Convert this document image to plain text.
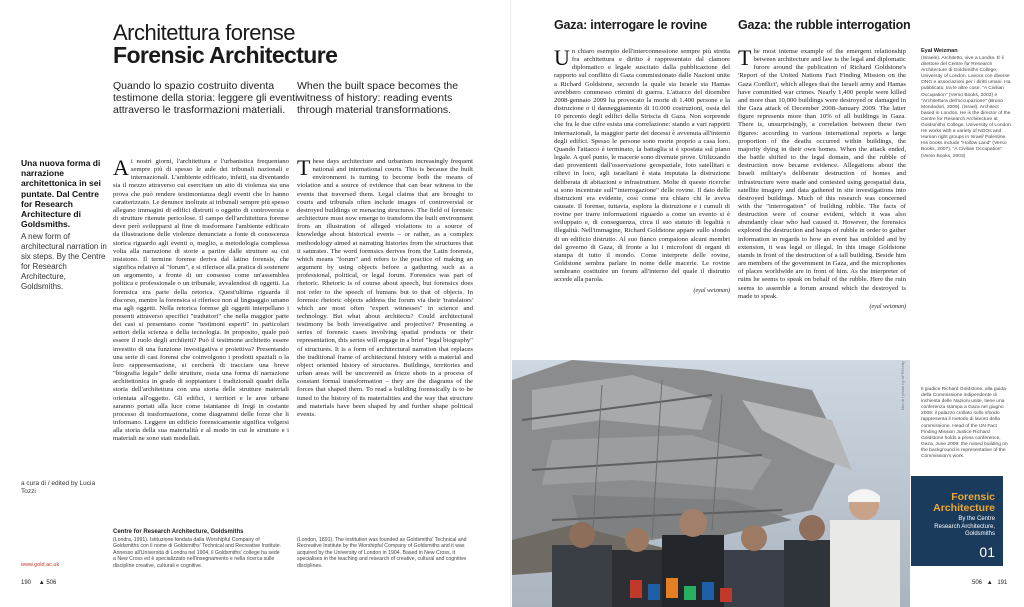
Architettura forense
Forensic Architecture
Quando lo spazio costruito diventa testimone della storia: leggere gli eventi attraverso le trasformazioni materiali.
When the built space becomes the witness of history: reading events through material transformations.
Una nuova forma di narrazione architettonica in sei puntate. Dal Centre for Research Architecture di Goldsmiths.
A new form of architectural narration in six steps. By the Centre for Research Architecture, Goldsmiths.
Ai nostri giorni, l'architettura e l'urbanistica frequentano sempre più di spesso le aule dei tribunali nazionali e internazionali. L'ambiente edificato, infatti, sta diventando sia il mezzo attraverso cui esercitare un atto di violenza sia una prova che può rendere testimonianza degli eventi che lo hanno caratterizzato. Le denunce inoltrate ai tribunali sempre più spesso allegano immagini di edifici distrutti o oggetto di controversia e di strutture ritenute pericolose. Il campo dell'architettura forense deve però svilupparsi al fine di trasformare l'ambiente edificato da illustrazione delle violenze denunciate a fonte di conoscenza storica riguardo agli eventi o, meglio, a metodologia complessa volta alla narrazione di storie a partire dalle strutture su cui insistono. Il termine forense deriva dal latino forensis, che significa relativo al "forum", e si riferisce alla pratica di sostenere un argomento, a fronte di un consesso come un'assemblea politica e professionale o un tribunale, avvalendosi di oggetti. La forensica era parte della retorica. Quest'ultima riguarda il discorso, mentre la forensica si riferisce non al linguaggio umano ma agli oggetti. Nella retorica forense gli oggetti interpellano i presenti attraverso specifici "traduttori" che nella maggior parte dei casi si presentano come "testimoni esperti" in particolari settori della scienza e della tecnologia. In proposito, quale può essere il ruolo degli architetti? Può il testimone architetto essere investito di una funzione investigativa e proiettiva? Presentando una serie di casi forensi che coinvolgono i prodotti spaziali o la loro rappresentazione, si cercherà di tracciare una breve "biografia legale" delle strutture, ossia una forma di narrazione architettonica in grado di soppiantare i tradizionali quadri della storia dell'architettura con una storia delle strutture materiali orientata all'oggetto. Gli edifici, i territori e le aree urbane saranno portati alla luce come istantanee di fregi in costante processo di trasformazione, come diagrammi delle forze che li informano. Leggere un edificio forensicamente significa volgersi alla storia della sua materialità e al modo in cui le strutture e i materiali ne sono stati modellati.
These days architecture and urbanism increasingly frequent national and international courts. This is because the built environment is turning to become both the means of violation and a source of evidence that can bear witness to the events that traversed them. Legal claims that are brought to courts and tribunals often include images of controversial or destroyed buildings or menacing structures. The field of forensic architecture must now emerge to transform the built environment from an illustration of alleged violations to a source of knowledge about historical events – or rather, as a complex methodology aimed at narrating histories from the structures that it saturates. The word forensics derives from the Latin forensis, which means "forum" and refers to the practice of making an argument by using objects before a gathering such as a professional, political, or legal forum. Forensics was part of rhetoric. Rhetoric is of course about speech, but forensics does not refer to the speech of humans but to that of objects. In forensic rhetoric objects address the forum via their 'translators' which are most often "expert witnesses" in science and technology. But what about architects? Could architectural testimony be both investigative and projective? Presenting a series of forensic cases involving spatial products or their representation, this series will engage in a brief "legal biography" of structures. It is a form of architectural narration that replaces the traditional frame of architectural history with a material and object oriented history of structures. Buildings, territories and urban areas will be uncovered as frieze shots in a process of constant formal transformation – they are the diagrams of the forces that shaped them. To read a building forensically is to be tuned to the history of its materialities and the way that structure and materials have been shaped by and further shape political events.
a cura di / edited by Lucia Tozzi
Centre for Research Architecture, Goldsmiths
(Londra, 1991). Istituzione fondata dalla Worshipful Company of Goldsmiths con il nome di Goldsmiths' Technical and Recreative Institute. Annesso all'Università di Londra nel 1904, il Goldsmiths' college ha sede a New Cross ed è specializzato nell'insegnamento e nella ricerca sulle discipline creative, culturali e cognitive.
(London, 1891). The institution was founded as Goldsmiths' Technical and Recreative Institute by the Worshipful Company of Goldsmiths and it was acquired by the University of London in 1904. Based in New Cross, it specialises in the teaching and research of creative, cultural and cognitive disciplines.
www.gold.ac.uk
190 ▲ 506
Gaza: interrogare le rovine Gaza: the rubble interrogation
Un chiaro esempio dell'interconnessione sempre più stretta fra architettura e diritto è rappresentato dal clamore diplomatico e legale suscitato dalla pubblicazione del rapporto sul conflitto di Gaza commissionato dalle Nazioni unite a Richard Goldstone, secondo la quale sia Israele sia Hamas avrebbero commesso crimini di guerra. L'attacco del dicembre 2008-gennaio 2009 ha provocato la morte di 1.400 persone e la distruzione o il danneggiamento di 10.000 costruzioni, ossia del 10 percento degli edifici della Striscia di Gaza. Non sorprende che fra le due cifre esista una correlazione: stando a vari rapporti internazionali, la maggior parte dei decessi è avvenuta all'interno degli edifici. Spesso le persone sono morte proprio a casa loro. Quando l'attacco è terminato, la battaglia si è spostata sul piano legale. A quel punto, le macerie sono divenute prove. Utilizzando dati provenienti dall'osservazione geospaziale, foto satellitari e rilievi in loco, agli israeliani è stata imputata la distruzione deliberata di abitazioni e infrastrutture. Molte di queste ricerche si sono incentrate sull'"interrogazione" delle rovine. Il dato delle distruzioni era evidente, così come era chiaro chi le aveva causate. Il forense, tuttavia, esplora la distruzione e i cumuli di rovine per trarre informazioni riguardo a come un evento si è sviluppato e, di conseguenza, circa il suo statuto di legalità o illegalità. Nell'immagine, Richard Goldstone appare sullo sfondo di un edificio distrutto. Al suo fianco compaiono alcuni membri del governo di Gaza, di fronte a lui i microfoni di organi di stampa di tutto il mondo. Come interprete delle rovine, Goldstone sembra parlare in nome delle macerie. Le rovine sembrano costituire un forum all'interno del quale il distrutto accede alla parola.
(eyal weizman)
The most intense example of the emergent relationship between architecture and law is the legal and diplomatic furore around the publication of Richard Goldstone's 'Report of the United Nations Fact Finding Mission on the Gaza Conflict', which alleges that the Israeli army and Hamas have committed war crimes. Nearly 1,400 people were killed and more than 10,000 buildings were destroyed or damaged in the Gaza attack of December 2008–January 2009. The latter figure represents more than 10% of all buildings in Gaza. There is, unsurprisingly, a correlation between these two figures: according to various international reports a large proportion of the deaths occurred within buildings, the majority dying in their own homes. When the attack ended, the battle shifted to the legal domain, and the rubble of destruction now became evidence. Allegations about the Israeli military's deliberate destruction of homes and infrastructure were made and contested using geospatial data, satellite imagery and data gathered in site investigations into destroyed buildings. Much of this research was concerned with the "interrogation" of building rubble. The facts of destruction were of course evident, which it was also abundantly clear who had caused it. However, the forensics explored the destruction and heaps of rubble in order to gather information in regards to how an event has unfolded and by extension, it was legal or illegal. In this image Goldstone stands in front of the destruction of a tall building. Beside him are members of the government in Gaza, and the microphones of places worldwide are in front of him. As the interpreter of ruins he seems to speak on behalf of the rubble. Here the ruin seems to assemble a forum around which the destroyed is made to speak.
(eyal weizman)
Eyal Weizman
(Israele). Architetto, vive a Londra. È il direttore del Centre for Research Architecture di Goldsmiths College, University of London. Lavora con diverse ONG e associazioni per i diritti umani. Ha pubblicato, tra le altre cose, "A Civilian Occupation" (Verso Books, 2003) e "Architettura dell'occupazione" (Bruno Mondadori, 2009). (Israel). Architect based in London. He is the director of the Centre for Research Architecture at Goldsmiths College, University of London. He works with a variety of NGOs and Human right groups in Israel/ Palestine. His books include "Hollow Land" (Verso Books, 2007), "A Civilian Occupation" (Verso Books, 2003)
foto di / photo by AFP/Getty	Il giudice Richard Goldstone, alla guida della Commissione indipendente di inchiesta delle Nazioni unite, tiene una conferenza stampa a Gaza nel giugno 2009: il palazzo crollato sullo sfondo rappresenta il metodo di lavoro della commissione. Head of the UN Fact Finding Mission Justice Richard Goldstone holds a press conference, Gaza, June 2009: the ruined building on the background is representative of the Commission's work.
Forensic
Architecture
By the Centre
Research Architecture,
Goldsmiths
01
506 ▲ 191
